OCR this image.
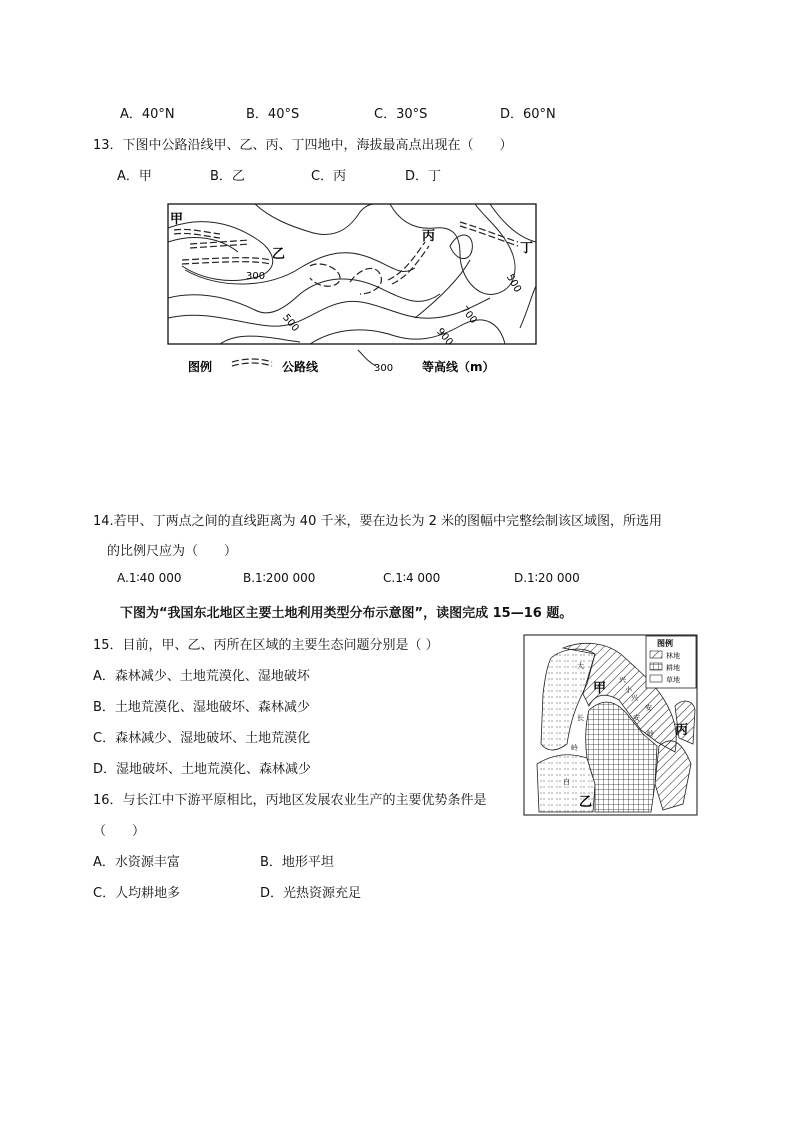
A．40°N	B．40°S	C．30°S	D．60°N
13．下图中公路沿线甲、乙、丙、丁四地中，海拔最高点出现在（　　）
A．甲	B．乙	C．丙	D．丁
甲
乙
丙
丁
300
500
500
700
900
图例	公路线	300 等高线（m）
14.若甲、丁两点之间的直线距离为 40 千米，要在边长为 2 米的图幅中完整绘制该区域图，所选用
的比例尺应为（　　）
A.1∶40 000	B.1∶200 000	C.1∶4 000	D.1∶20 000
下图为“我国东北地区主要土地利用类型分布示意图”，读图完成 15—16 题。
15．目前，甲、乙、丙所在区域的主要生态问题分别是（ ）
A．森林减少、土地荒漠化、湿地破坏
B．土地荒漠化、湿地破坏、森林减少
C．森林减少、湿地破坏、土地荒漠化
D．湿地破坏、土地荒漠化、森林减少
16．与长江中下游平原相比，丙地区发展农业生产的主要优势条件是
（　　）
A．水资源丰富	B．地形平坦
C．人均耕地多	D．光热资源充足
图例
林地
耕地
草地
甲
乙
丙
大
兴
安
岭
小
兴
安
岭
长
白
